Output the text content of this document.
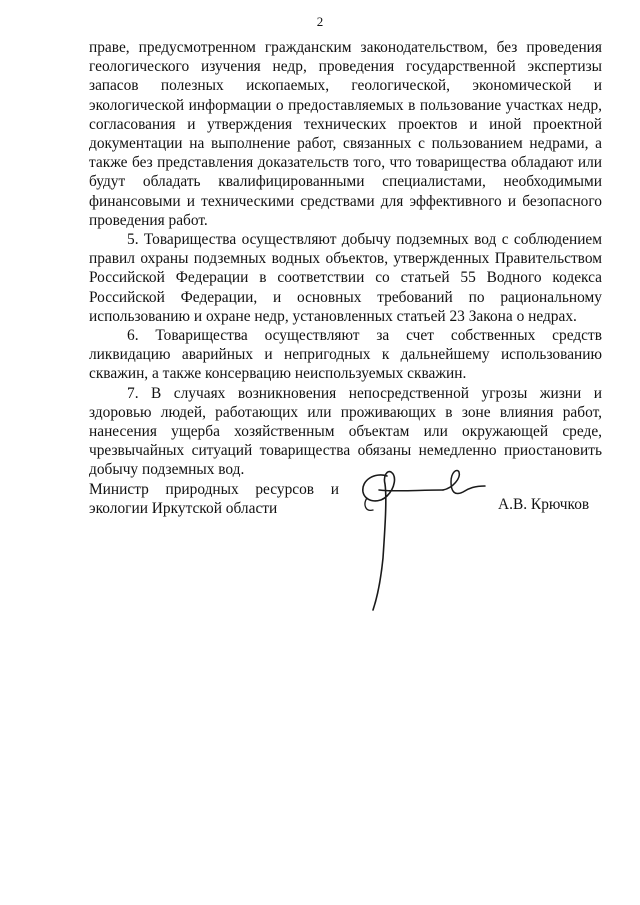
2

праве, предусмотренном гражданским законодательством, без проведения геологического изучения недр, проведения государственной экспертизы запасов полезных ископаемых, геологической, экономической и экологической информации о предоставляемых в пользование участках недр, согласования и утверждения технических проектов и иной проектной документации на выполнение работ, связанных с пользованием недрами, а также без представления доказательств того, что товарищества обладают или будут обладать квалифицированными специалистами, необходимыми финансовыми и техническими средствами для эффективного и безопасного проведения работ.

5. Товарищества осуществляют добычу подземных вод с соблюдением правил охраны подземных водных объектов, утвержденных Правительством Российской Федерации в соответствии со статьей 55 Водного кодекса Российской Федерации, и основных требований по рациональному использованию и охране недр, установленных статьей 23 Закона о недрах.

6. Товарищества осуществляют за счет собственных средств ликвидацию аварийных и непригодных к дальнейшему использованию скважин, а также консервацию неиспользуемых скважин.

7. В случаях возникновения непосредственной угрозы жизни и здоровью людей, работающих или проживающих в зоне влияния работ, нанесения ущерба хозяйственным объектам или окружающей среде, чрезвычайных ситуаций товарищества обязаны немедленно приостановить добычу подземных вод.

Министр природных ресурсов и
экологии Иркутской области	А.В. Крючков
